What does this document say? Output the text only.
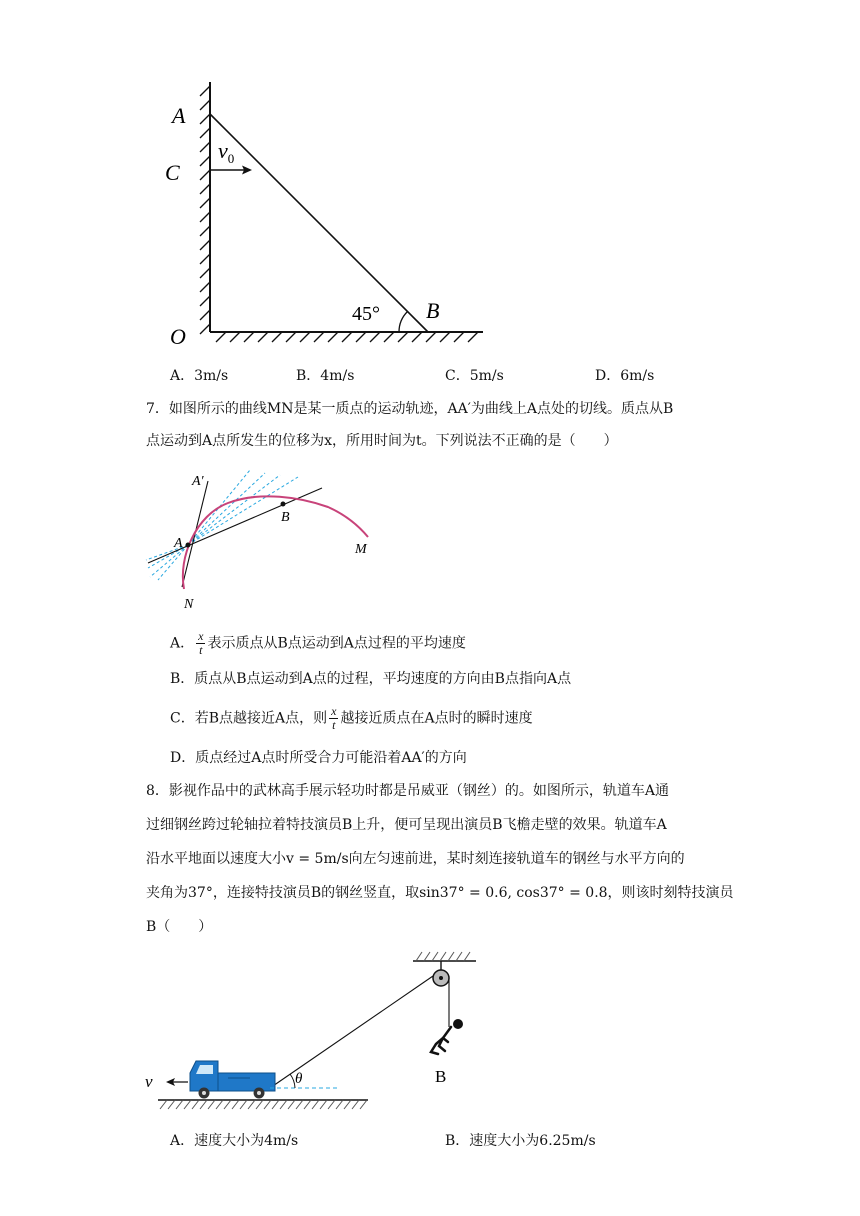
A
C
O
B
$v_0$
45°
A．3m/s	B．4m/s	C．5m/s	D．6m/s
7．如图所示的曲线MN是某一质点的运动轨迹，AA′为曲线上A点处的切线。质点从B
点运动到A点所发生的位移为x，所用时间为t。下列说法不正确的是（　　）
A′
A
B
M
N
A． $\frac{x}{t}$ 表示质点从B点运动到A点过程的平均速度
B．质点从B点运动到A点的过程，平均速度的方向由B点指向A点
C．若B点越接近A点，则 $\frac{x}{t}$ 越接近质点在A点时的瞬时速度
D．质点经过A点时所受合力可能沿着AA′的方向
8．影视作品中的武林高手展示轻功时都是吊威亚（钢丝）的。如图所示，轨道车A通
过细钢丝跨过轮轴拉着特技演员B上升，便可呈现出演员B飞檐走壁的效果。轨道车A
沿水平地面以速度大小v = 5m/s向左匀速前进，某时刻连接轨道车的钢丝与水平方向的
夹角为37°，连接特技演员B的钢丝竖直，取sin37° = 0.6, cos37° = 0.8，则该时刻特技演员
B（　　）
B
θ
v
A．速度大小为4m/s	B．速度大小为6.25m/s
